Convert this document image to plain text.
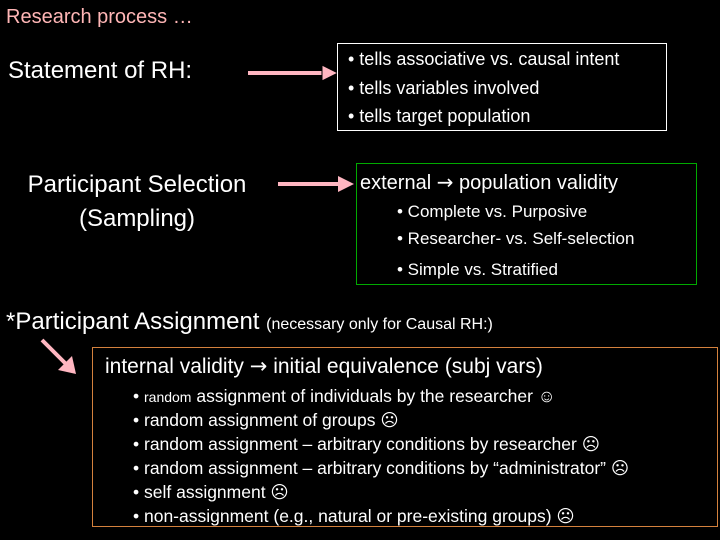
Research process …
Statement of RH:	• tells associative vs. causal intent
• tells variables involved
• tells target population
Participant Selection
(Sampling)
external → population validity
• Complete vs. Purposive
• Researcher- vs. Self-selection
• Simple vs. Stratified
*Participant Assignment (necessary only for Causal RH:)
internal validity → initial equivalence (subj vars)
• random assignment of individuals by the researcher ☺
• random assignment of groups ☹
• random assignment – arbitrary conditions by researcher ☹
• random assignment – arbitrary conditions by “administrator” ☹
• self assignment ☹
• non-assignment (e.g., natural or pre-existing groups) ☹
